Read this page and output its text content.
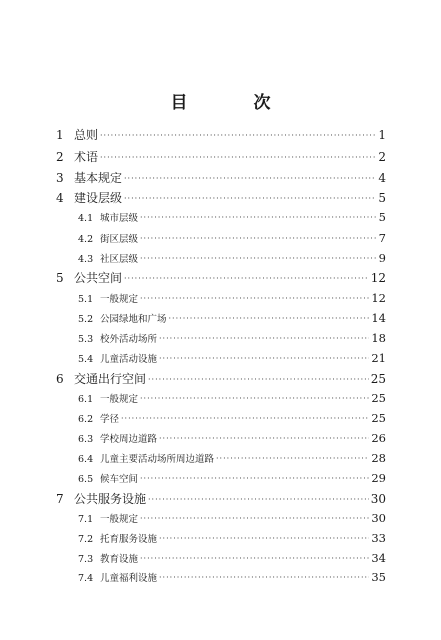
目 次
1 总则 ·····	1
2 术语 ·····	2
3 基本规定 ·····	4
4 建设层级 ·····	5
4.1 城市层级 ·····	5
4.2 街区层级 ·····	7
4.3 社区层级 ·····	9
5 公共空间 ·····	12
5.1 一般规定 ·····	12
5.2 公园绿地和广场 ·····	14
5.3 校外活动场所 ·····	18
5.4 儿童活动设施 ·····	21
6 交通出行空间 ·····	25
6.1 一般规定 ·····	25
6.2 学径 ·····	25
6.3 学校周边道路 ·····	26
6.4 儿童主要活动场所周边道路 ·····	28
6.5 候车空间 ·····	29
7 公共服务设施 ·····	30
7.1 一般规定 ·····	30
7.2 托育服务设施 ·····	33
7.3 教育设施 ·····	34
7.4 儿童福利设施 ·····	35
